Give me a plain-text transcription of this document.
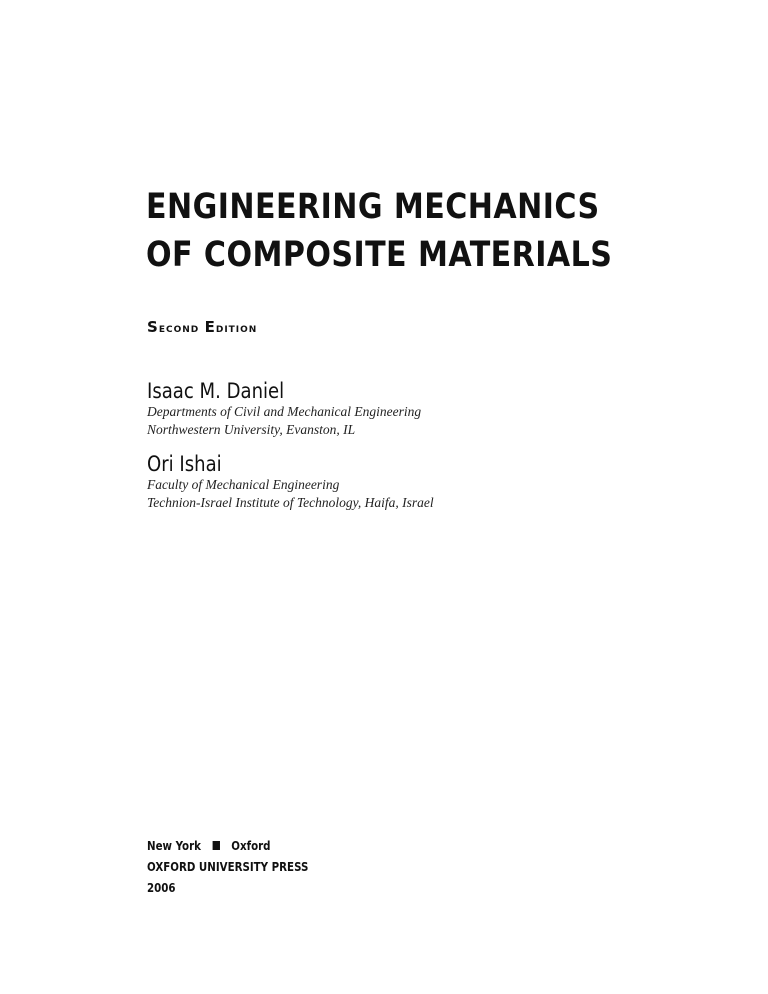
ENGINEERING MECHANICS
OF COMPOSITE MATERIALS
Second Edition
Isaac M. Daniel
Departments of Civil and Mechanical Engineering
Northwestern University, Evanston, IL
Ori Ishai
Faculty of Mechanical Engineering
Technion-Israel Institute of Technology, Haifa, Israel
New York Oxford
OXFORD UNIVERSITY PRESS
2006
